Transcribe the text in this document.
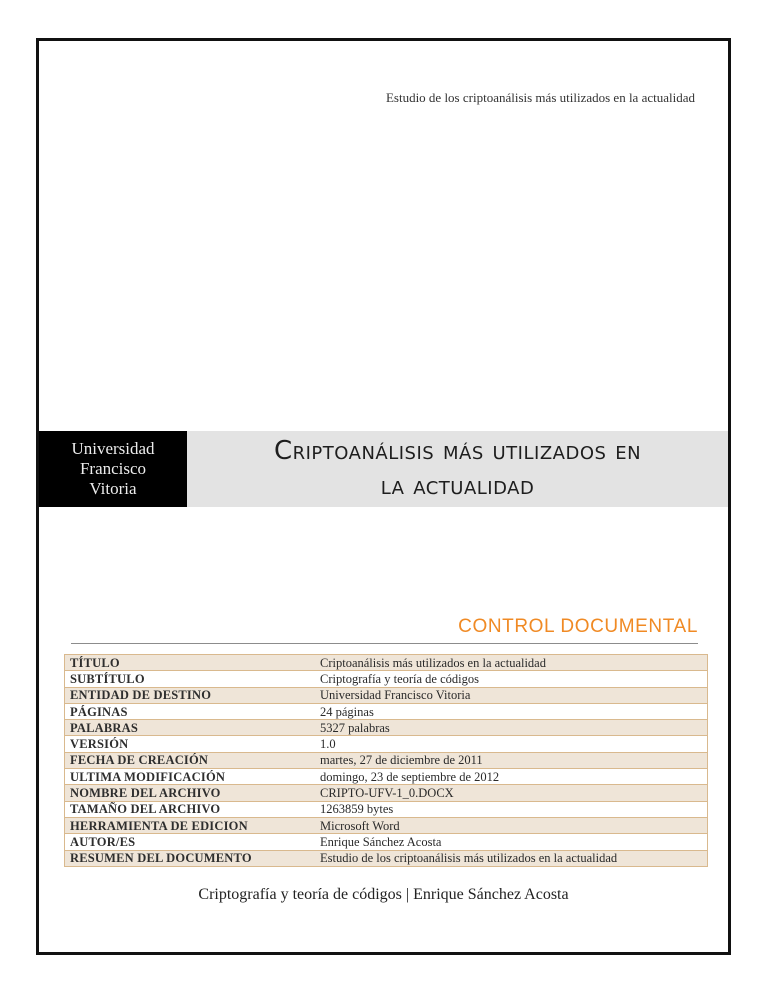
Estudio de los criptoanálisis más utilizados en la actualidad
Universidad
Francisco
Vitoria
Criptoanálisis más utilizados en
la actualidad
CONTROL DOCUMENTAL
TÍTULO	Criptoanálisis más utilizados en la actualidad
SUBTÍTULO	Criptografía y teoría de códigos
ENTIDAD DE DESTINO	Universidad Francisco Vitoria
PÁGINAS	24 páginas
PALABRAS	5327 palabras
VERSIÓN	1.0
FECHA DE CREACIÓN	martes, 27 de diciembre de 2011
ULTIMA MODIFICACIÓN	domingo, 23 de septiembre de 2012
NOMBRE DEL ARCHIVO	CRIPTO-UFV-1_0.DOCX
TAMAÑO DEL ARCHIVO	1263859 bytes
HERRAMIENTA DE EDICION	Microsoft Word
AUTOR/ES	Enrique Sánchez Acosta
RESUMEN DEL DOCUMENTO	Estudio de los criptoanálisis más utilizados en la actualidad
Criptografía y teoría de códigos | Enrique Sánchez Acosta
